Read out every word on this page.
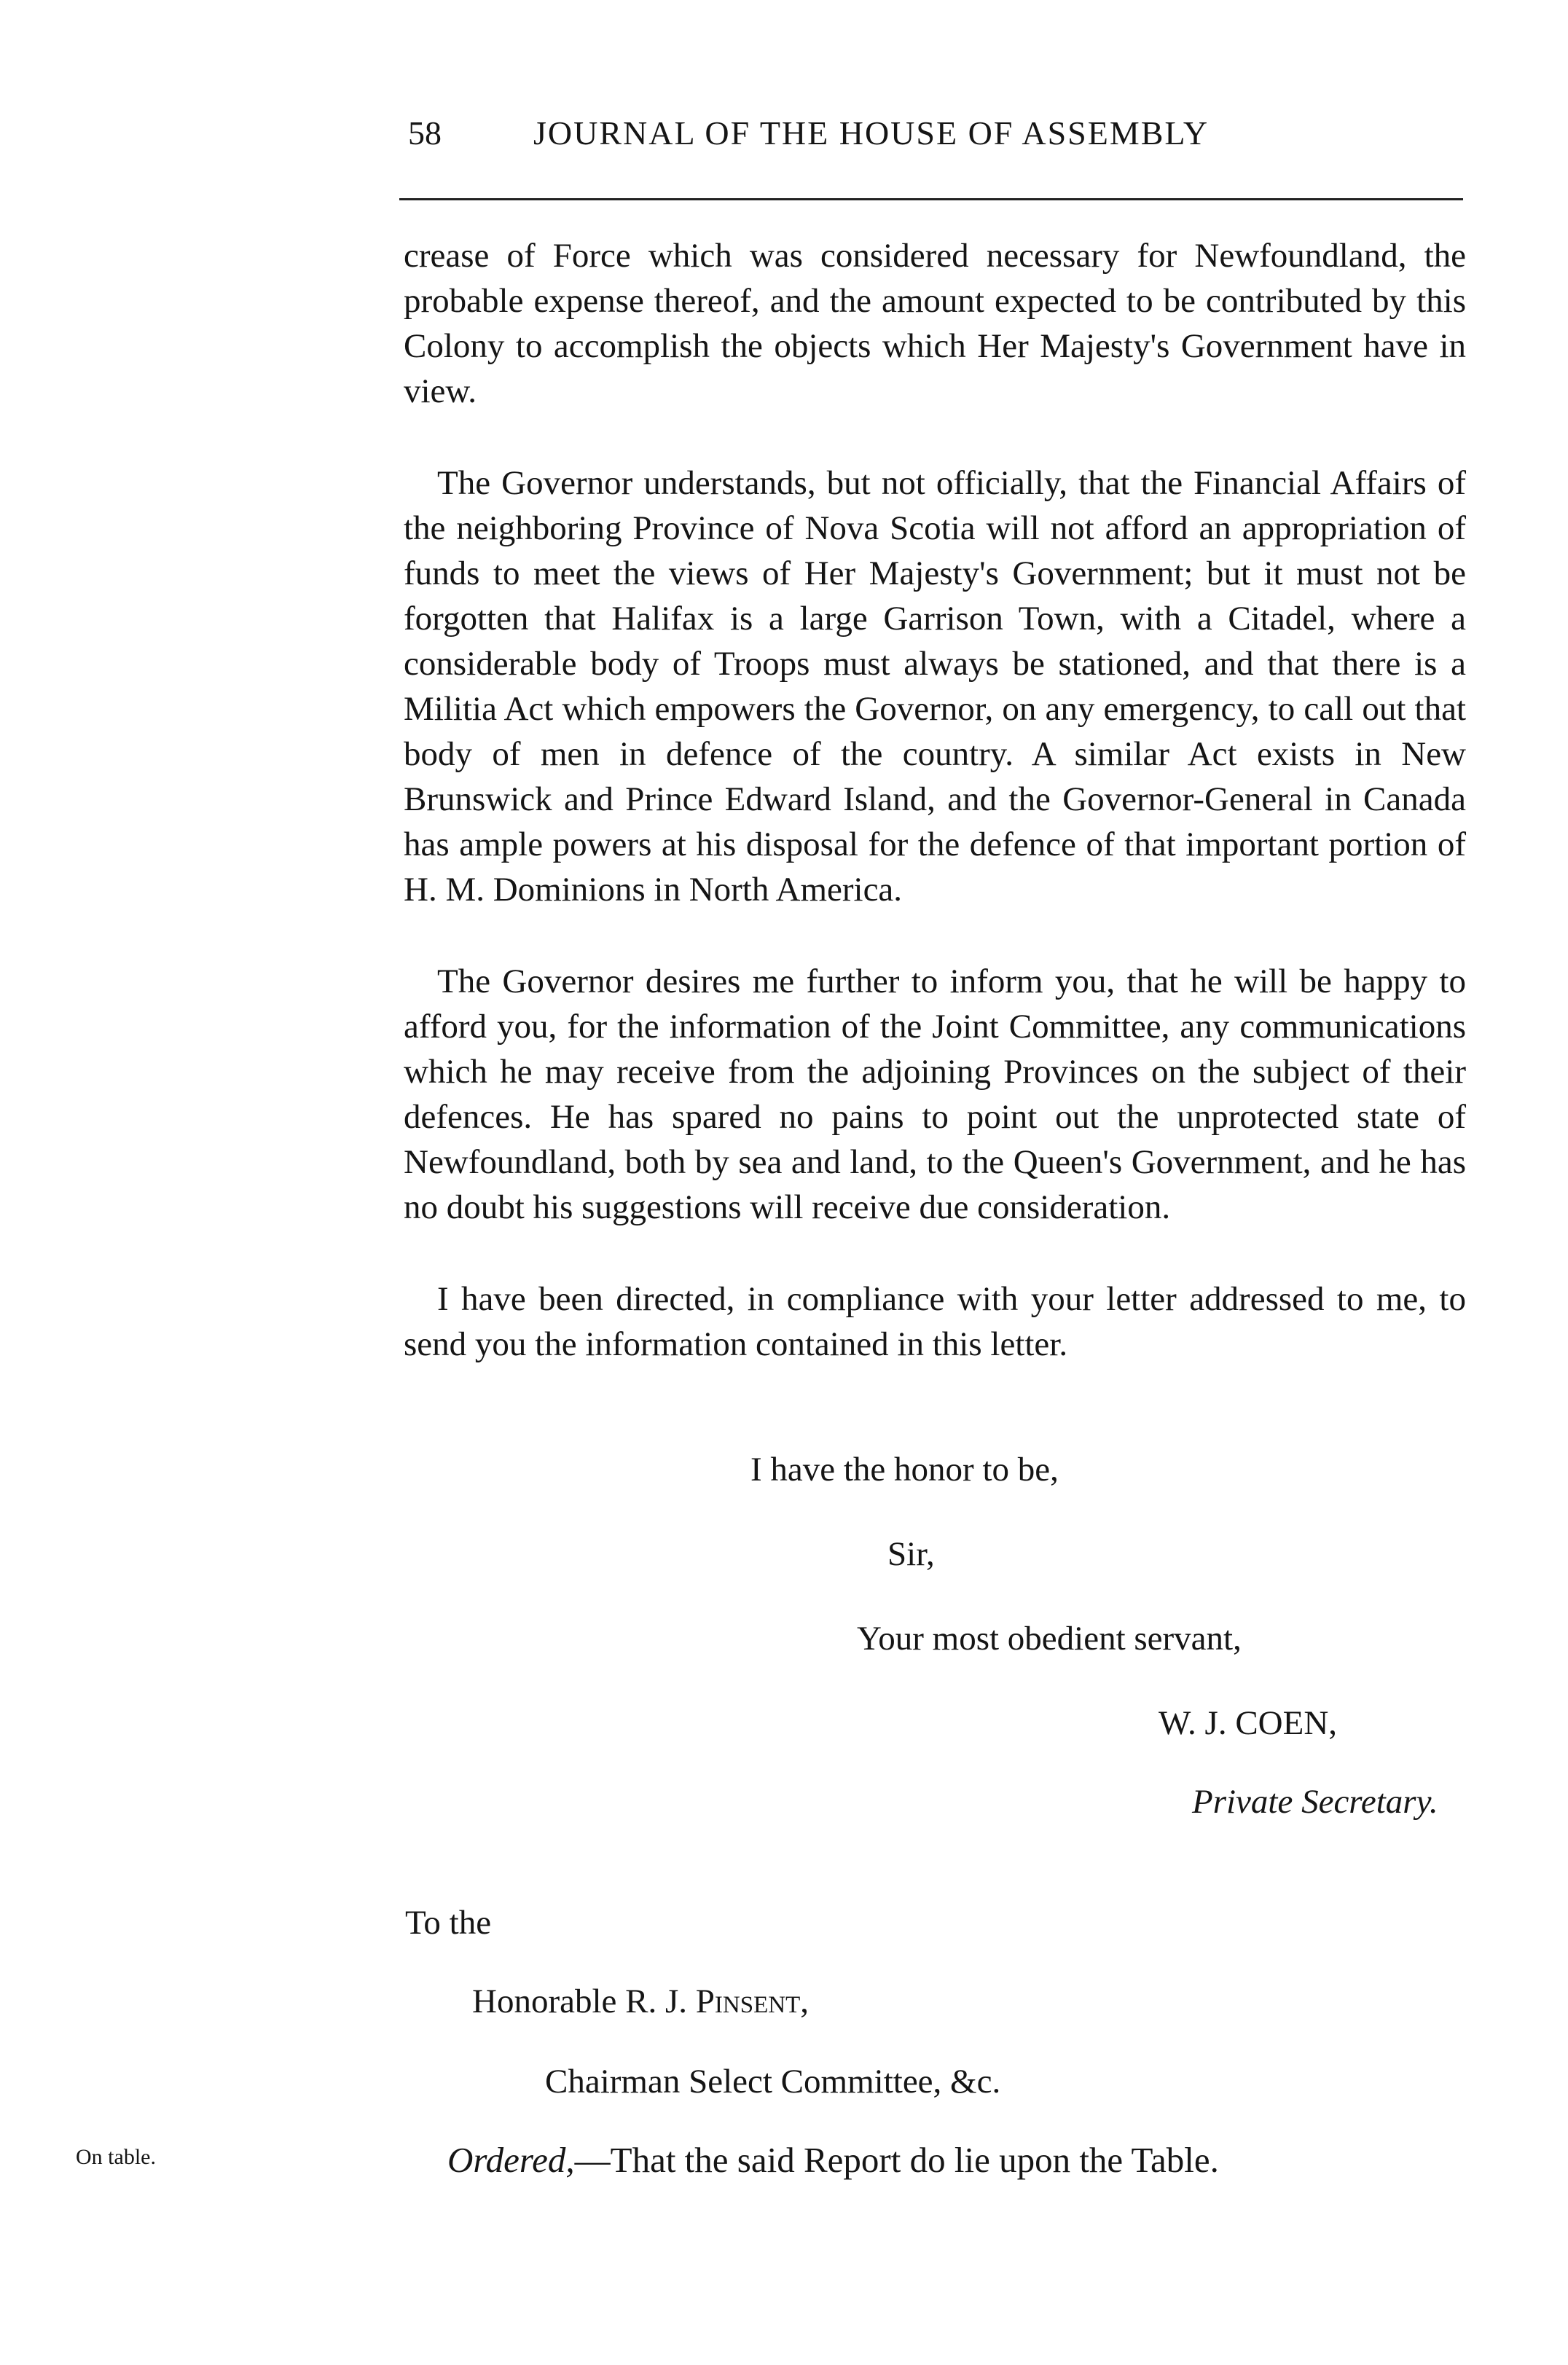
58	JOURNAL OF THE HOUSE OF ASSEMBLY

crease of Force which was considered necessary for Newfoundland, the probable expense thereof, and the amount expected to be contributed by this Colony to accomplish the objects which Her Majesty's Government have in view.

The Governor understands, but not officially, that the Financial Affairs of the neighboring Province of Nova Scotia will not afford an appropriation of funds to meet the views of Her Majesty's Government; but it must not be forgotten that Halifax is a large Garrison Town, with a Citadel, where a considerable body of Troops must always be stationed, and that there is a Militia Act which empowers the Governor, on any emergency, to call out that body of men in defence of the country. A similar Act exists in New Brunswick and Prince Edward Island, and the Governor-General in Canada has ample powers at his disposal for the defence of that important portion of H. M. Dominions in North America.

The Governor desires me further to inform you, that he will be happy to afford you, for the information of the Joint Committee, any communications which he may receive from the adjoining Provinces on the subject of their defences. He has spared no pains to point out the unprotected state of Newfoundland, both by sea and land, to the Queen's Government, and he has no doubt his suggestions will receive due consideration.

I have been directed, in compliance with your letter addressed to me, to send you the information contained in this letter.

I have the honor to be,
Sir,
Your most obedient servant,
W. J. COEN,
Private Secretary.
To the
Honorable R. J. Pinsent,
Chairman Select Committee, &c.
Ordered,—That the said Report do lie upon the Table.
On table.
